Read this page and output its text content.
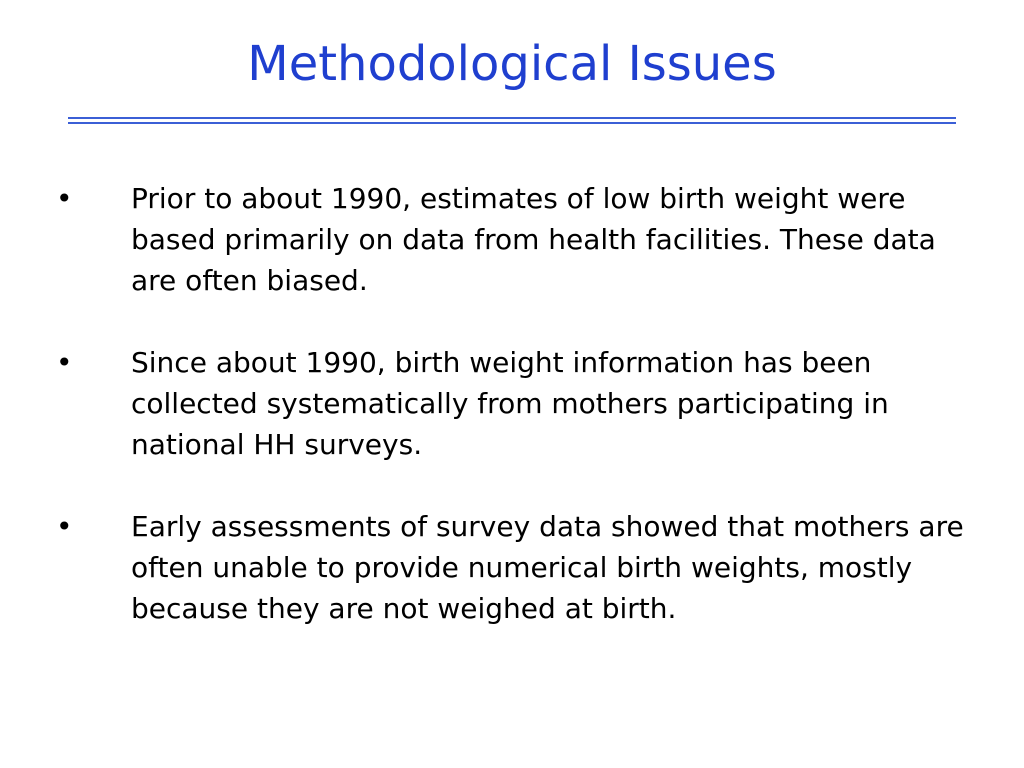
Methodological Issues
• Prior to about 1990, estimates of low birth weight were based primarily on data from health facilities. These data are often biased.
• Since about 1990, birth weight information has been collected systematically from mothers participating in national HH surveys.
• Early assessments of survey data showed that mothers are often unable to provide numerical birth weights, mostly because they are not weighed at birth.
